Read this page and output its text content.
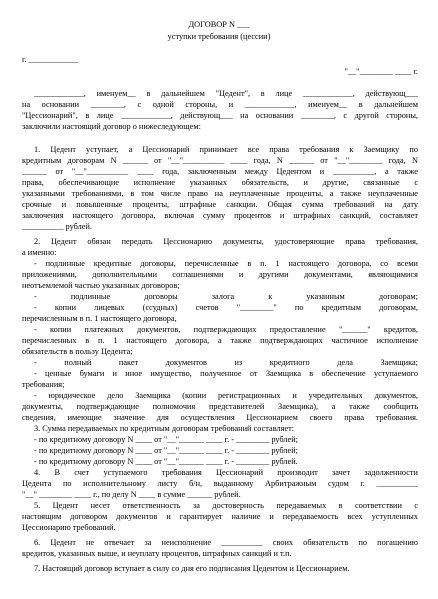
ДОГОВОР N ___
уступки требования (цессии)
г. ____________
"__"________ ____ г.
____________, именуем__ в дальнейшем "Цедент", в лице ____________, действующ___
на основании ________, с одной стороны, и ____________, именуем__ в дальнейшем
"Цессионарий", в лице ____________, действующ___ на основании ________, с другой стороны,
заключили настоящий договор о нижеследующем:
1. Цедент уступает, а Цессионарий принимает все права требования к Заемщику по
кредитным договорам N ______ от "__"__________ ____ года, N ______ от "__"________ года, N
______ от "__"__________ ____ года, заключенным между Цедентом и __________, а также
права, обеспечивающие исполнение указанных обязательств, и другие, связанные с
указанными требованиями, в том числе право на неуплаченные проценты, а также неуплаченные
срочные и повышенные проценты, штрафные санкции. Общая сумма требований на дату
заключения настоящего договора, включая сумму процентов и штрафных санкций, составляет
__________ рублей.
2. Цедент обязан передать Цессионарию документы, удостоверяющие права требования,
а именно:
- подлинные кредитные договоры, перечисленные в п. 1 настоящего договора, со всеми
приложениями, дополнительными соглашениями и другими документами, являющимися
неотъемлемой частью указанных договоров;
- подлинные договоры залога к указанным договорам;
- копии лицевых (ссудных) счетов "________" по кредитным договорам,
перечисленным в п. 1 настоящего договора,
- копии платежных документов, подтверждающих предоставление "______" кредитов,
перечисленных в п. 1 настоящего договора, а также подтверждающих частичное исполнение
обязательств в пользу Цедента;
- полный пакет документов из кредитного дела Заемщика;
- ценные бумаги и иное имущество, полученное от Заемщика в обеспечение уступаемого
требования;
- юридическое дело Заемщика (копии регистрационных и учредительных документов,
документы, подтверждающие полномочия представителей Заемщика), а также сообщить
сведения, имеющие значение для осуществления Цессионарием своего права требования.
3. Сумма передаваемых по кредитным договорам требований составляет:
- по кредитному договору N ____ от "__"______ ____ г. - ________ рублей;
- по кредитному договору N ____ от "__"______ ____ г. - ________ рублей;
- по кредитному договору N ____ от "__"______ ____ г. - ________ рублей.
4. В счет уступаемого требования Цессионарий производит зачет задолженности
Цедента по исполнительному листу б/н, выданному Арбитражным судом г. __________
"__" ________ ____ г., по делу N ____ в сумме ______ рублей.
5. Цедент несет ответственность за достоверность передаваемых в соответствии с
настоящим договором документов и гарантирует наличие и передаваемость всех уступленных
Цессионарию требований.
6. Цедент не отвечает за неисполнение __________ своих обязательств по погашению
кредитов, указанных выше, и неуплату процентов, штрафных санкций и т.п.
7. Настоящий договор вступает в силу со дня его подписания Цедентом и Цессионарием.
